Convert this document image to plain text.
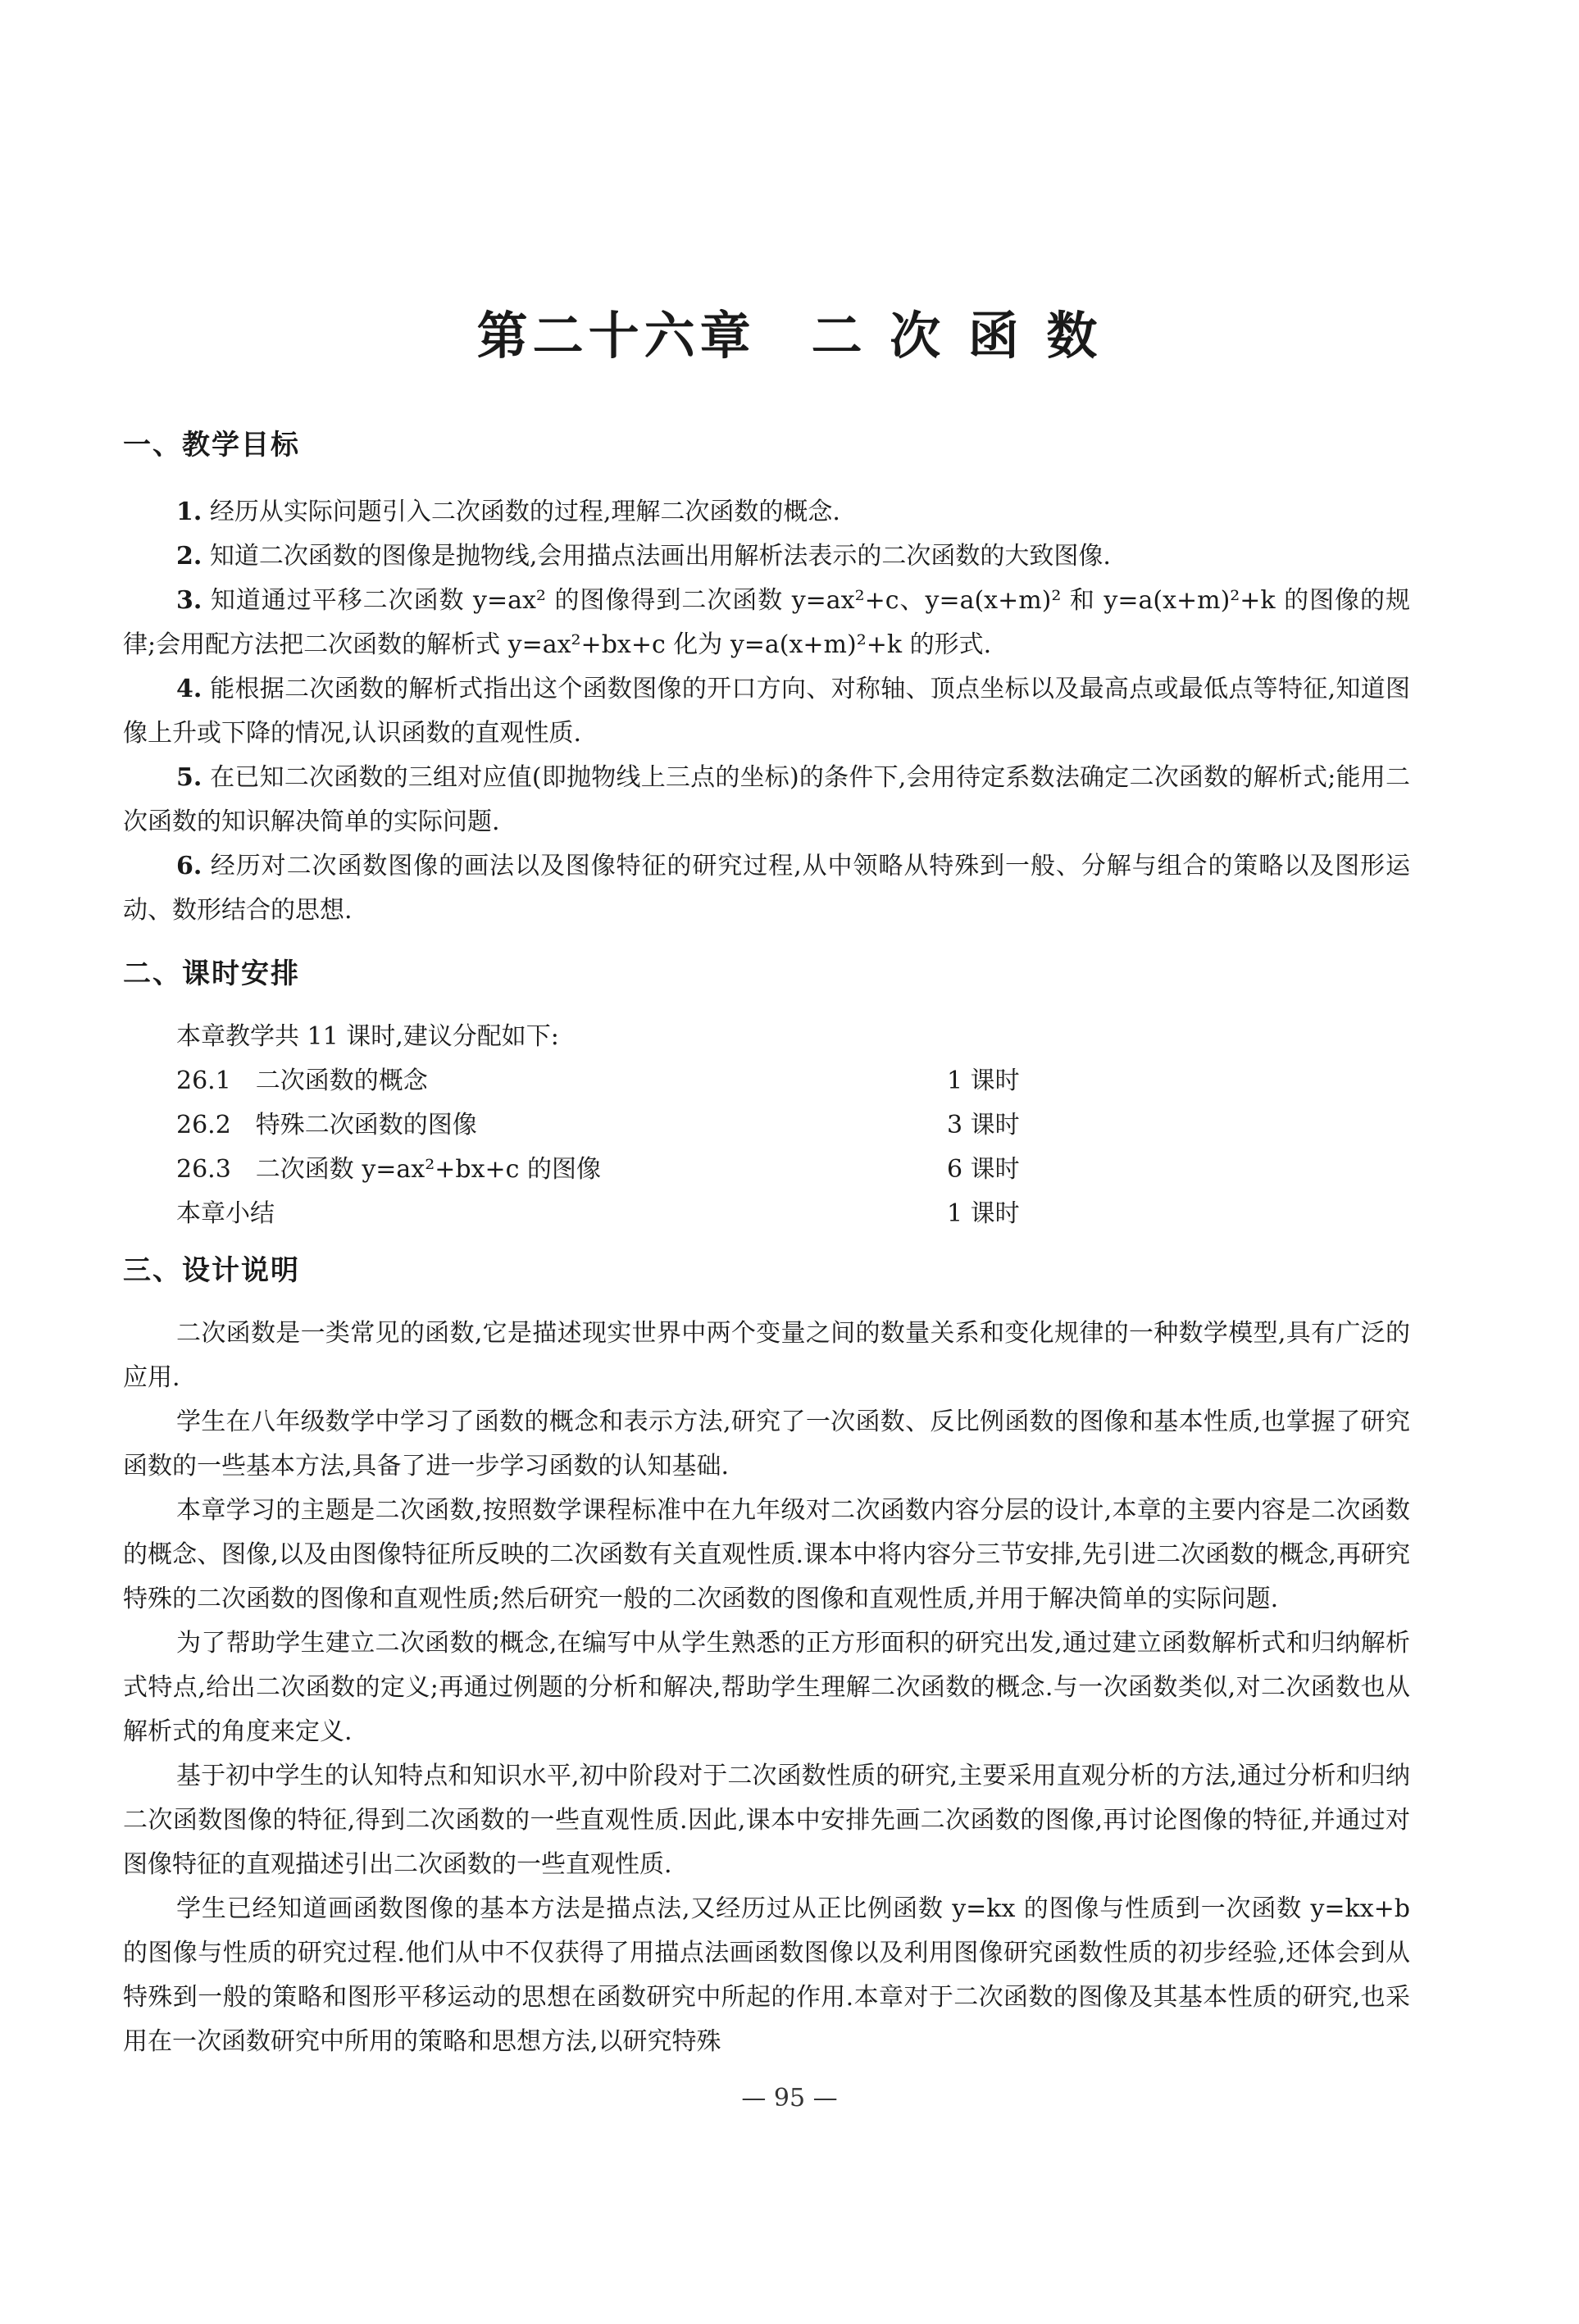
第二十六章　二 次 函 数
一、教学目标

1. 经历从实际问题引入二次函数的过程,理解二次函数的概念.

2. 知道二次函数的图像是抛物线,会用描点法画出用解析法表示的二次函数的大致图像.

3. 知道通过平移二次函数 y=ax² 的图像得到二次函数 y=ax²+c、y=a(x+m)² 和 y=a(x+m)²+k 的图像的规律;会用配方法把二次函数的解析式 y=ax²+bx+c 化为 y=a(x+m)²+k 的形式.

4. 能根据二次函数的解析式指出这个函数图像的开口方向、对称轴、顶点坐标以及最高点或最低点等特征,知道图像上升或下降的情况,认识函数的直观性质.

5. 在已知二次函数的三组对应值(即抛物线上三点的坐标)的条件下,会用待定系数法确定二次函数的解析式;能用二次函数的知识解决简单的实际问题.

6. 经历对二次函数图像的画法以及图像特征的研究过程,从中领略从特殊到一般、分解与组合的策略以及图形运动、数形结合的思想.

二、课时安排

本章教学共 11 课时,建议分配如下:

26.1　二次函数的概念	1 课时
26.2　特殊二次函数的图像	3 课时
26.3　二次函数 y=ax²+bx+c 的图像	6 课时
本章小结	1 课时
三、设计说明

二次函数是一类常见的函数,它是描述现实世界中两个变量之间的数量关系和变化规律的一种数学模型,具有广泛的应用.

学生在八年级数学中学习了函数的概念和表示方法,研究了一次函数、反比例函数的图像和基本性质,也掌握了研究函数的一些基本方法,具备了进一步学习函数的认知基础.

本章学习的主题是二次函数,按照数学课程标准中在九年级对二次函数内容分层的设计,本章的主要内容是二次函数的概念、图像,以及由图像特征所反映的二次函数有关直观性质.课本中将内容分三节安排,先引进二次函数的概念,再研究特殊的二次函数的图像和直观性质;然后研究一般的二次函数的图像和直观性质,并用于解决简单的实际问题.

为了帮助学生建立二次函数的概念,在编写中从学生熟悉的正方形面积的研究出发,通过建立函数解析式和归纳解析式特点,给出二次函数的定义;再通过例题的分析和解决,帮助学生理解二次函数的概念.与一次函数类似,对二次函数也从解析式的角度来定义.

基于初中学生的认知特点和知识水平,初中阶段对于二次函数性质的研究,主要采用直观分析的方法,通过分析和归纳二次函数图像的特征,得到二次函数的一些直观性质.因此,课本中安排先画二次函数的图像,再讨论图像的特征,并通过对图像特征的直观描述引出二次函数的一些直观性质.

学生已经知道画函数图像的基本方法是描点法,又经历过从正比例函数 y=kx 的图像与性质到一次函数 y=kx+b 的图像与性质的研究过程.他们从中不仅获得了用描点法画函数图像以及利用图像研究函数性质的初步经验,还体会到从特殊到一般的策略和图形平移运动的思想在函数研究中所起的作用.本章对于二次函数的图像及其基本性质的研究,也采用在一次函数研究中所用的策略和思想方法,以研究特殊

— 95 —
